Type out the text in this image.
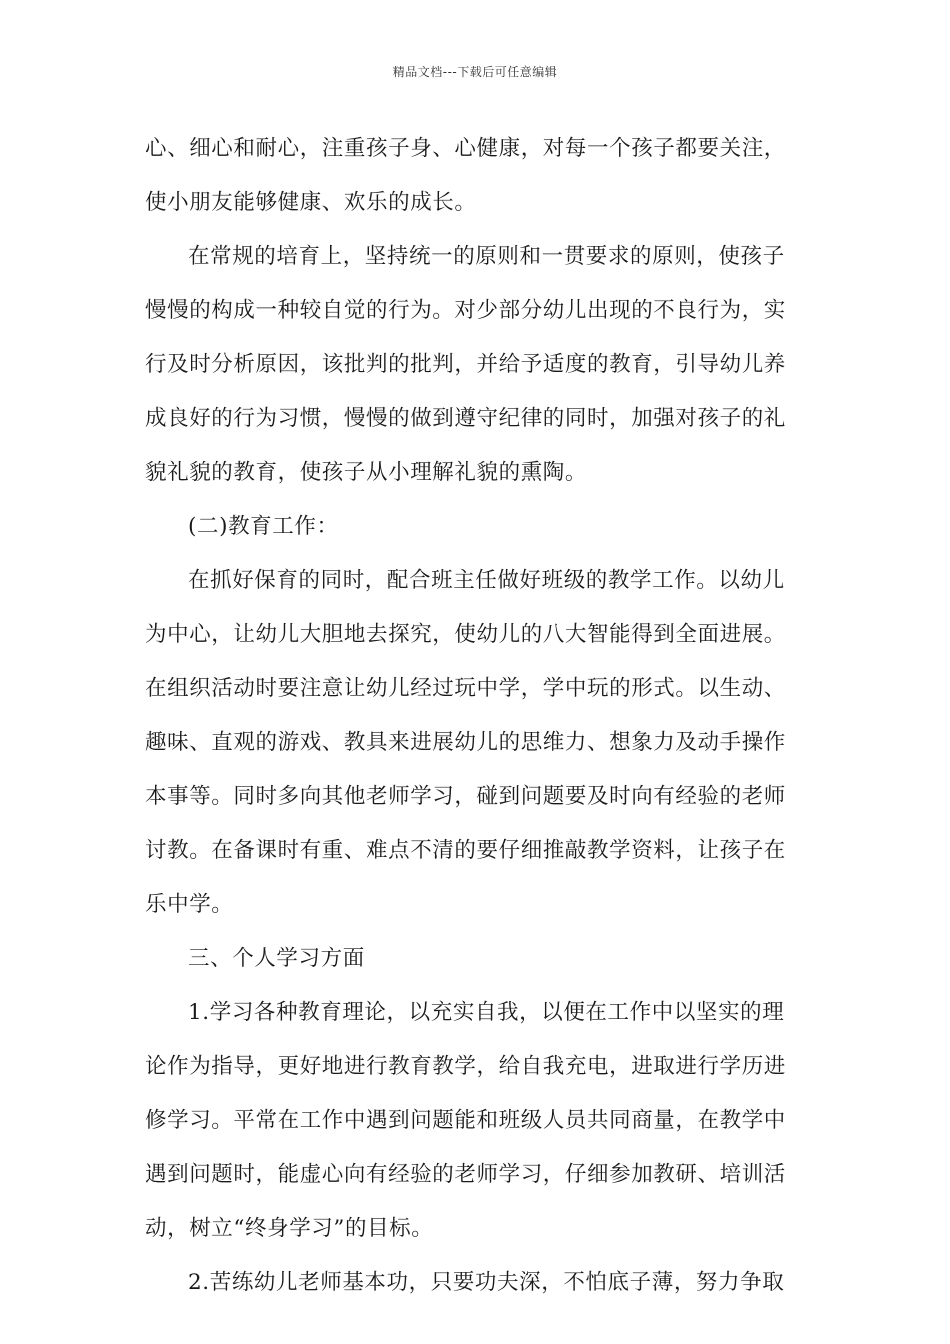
精品文档---下载后可任意编辑
心、细心和耐心，注重孩子身、心健康，对每一个孩子都要关注，
使小朋友能够健康、欢乐的成长。
在常规的培育上，坚持统一的原则和一贯要求的原则，使孩子
慢慢的构成一种较自觉的行为。对少部分幼儿出现的不良行为，实
行及时分析原因，该批判的批判，并给予适度的教育，引导幼儿养
成良好的行为习惯，慢慢的做到遵守纪律的同时，加强对孩子的礼
貌礼貌的教育，使孩子从小理解礼貌的熏陶。
(二)教育工作：
在抓好保育的同时，配合班主任做好班级的教学工作。以幼儿
为中心，让幼儿大胆地去探究，使幼儿的八大智能得到全面进展。
在组织活动时要注意让幼儿经过玩中学，学中玩的形式。以生动、
趣味、直观的游戏、教具来进展幼儿的思维力、想象力及动手操作
本事等。同时多向其他老师学习，碰到问题要及时向有经验的老师
讨教。在备课时有重、难点不清的要仔细推敲教学资料，让孩子在
乐中学。
三、个人学习方面
1.学习各种教育理论，以充实自我，以便在工作中以坚实的理
论作为指导，更好地进行教育教学，给自我充电，进取进行学历进
修学习。平常在工作中遇到问题能和班级人员共同商量，在教学中
遇到问题时，能虚心向有经验的老师学习，仔细参加教研、培训活
动，树立“终身学习”的目标。
2.苦练幼儿老师基本功，只要功夫深，不怕底子薄，努力争取
